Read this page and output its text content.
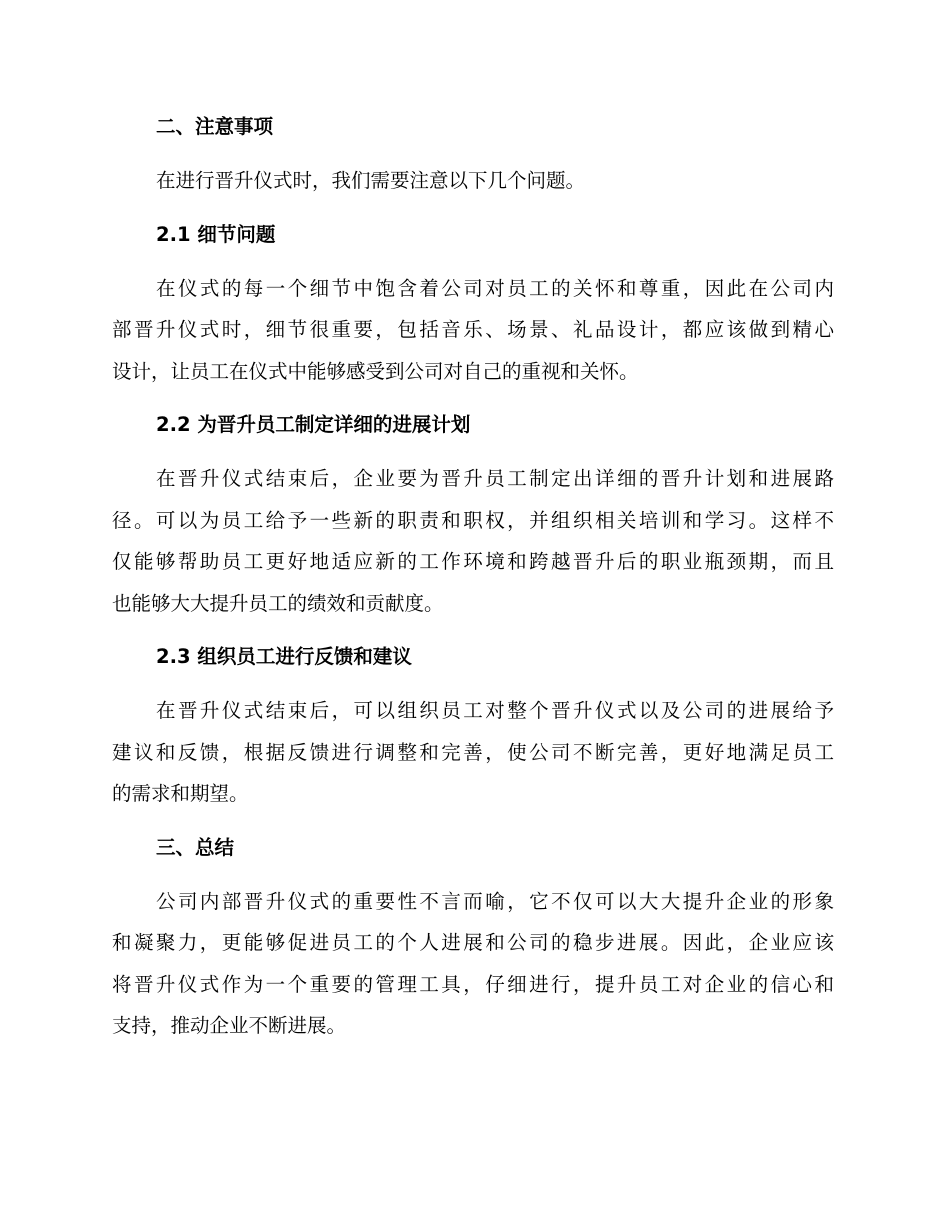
二、注意事项
在进行晋升仪式时，我们需要注意以下几个问题。
2.1 细节问题
在仪式的每一个细节中饱含着公司对员工的关怀和尊重，因此在公司内
部晋升仪式时，细节很重要，包括音乐、场景、礼品设计，都应该做到精心
设计，让员工在仪式中能够感受到公司对自己的重视和关怀。
2.2 为晋升员工制定详细的进展计划
在晋升仪式结束后，企业要为晋升员工制定出详细的晋升计划和进展路
径。可以为员工给予一些新的职责和职权，并组织相关培训和学习。这样不
仅能够帮助员工更好地适应新的工作环境和跨越晋升后的职业瓶颈期，而且
也能够大大提升员工的绩效和贡献度。
2.3 组织员工进行反馈和建议
在晋升仪式结束后，可以组织员工对整个晋升仪式以及公司的进展给予
建议和反馈，根据反馈进行调整和完善，使公司不断完善，更好地满足员工
的需求和期望。
三、总结
公司内部晋升仪式的重要性不言而喻，它不仅可以大大提升企业的形象
和凝聚力，更能够促进员工的个人进展和公司的稳步进展。因此，企业应该
将晋升仪式作为一个重要的管理工具，仔细进行，提升员工对企业的信心和
支持，推动企业不断进展。
